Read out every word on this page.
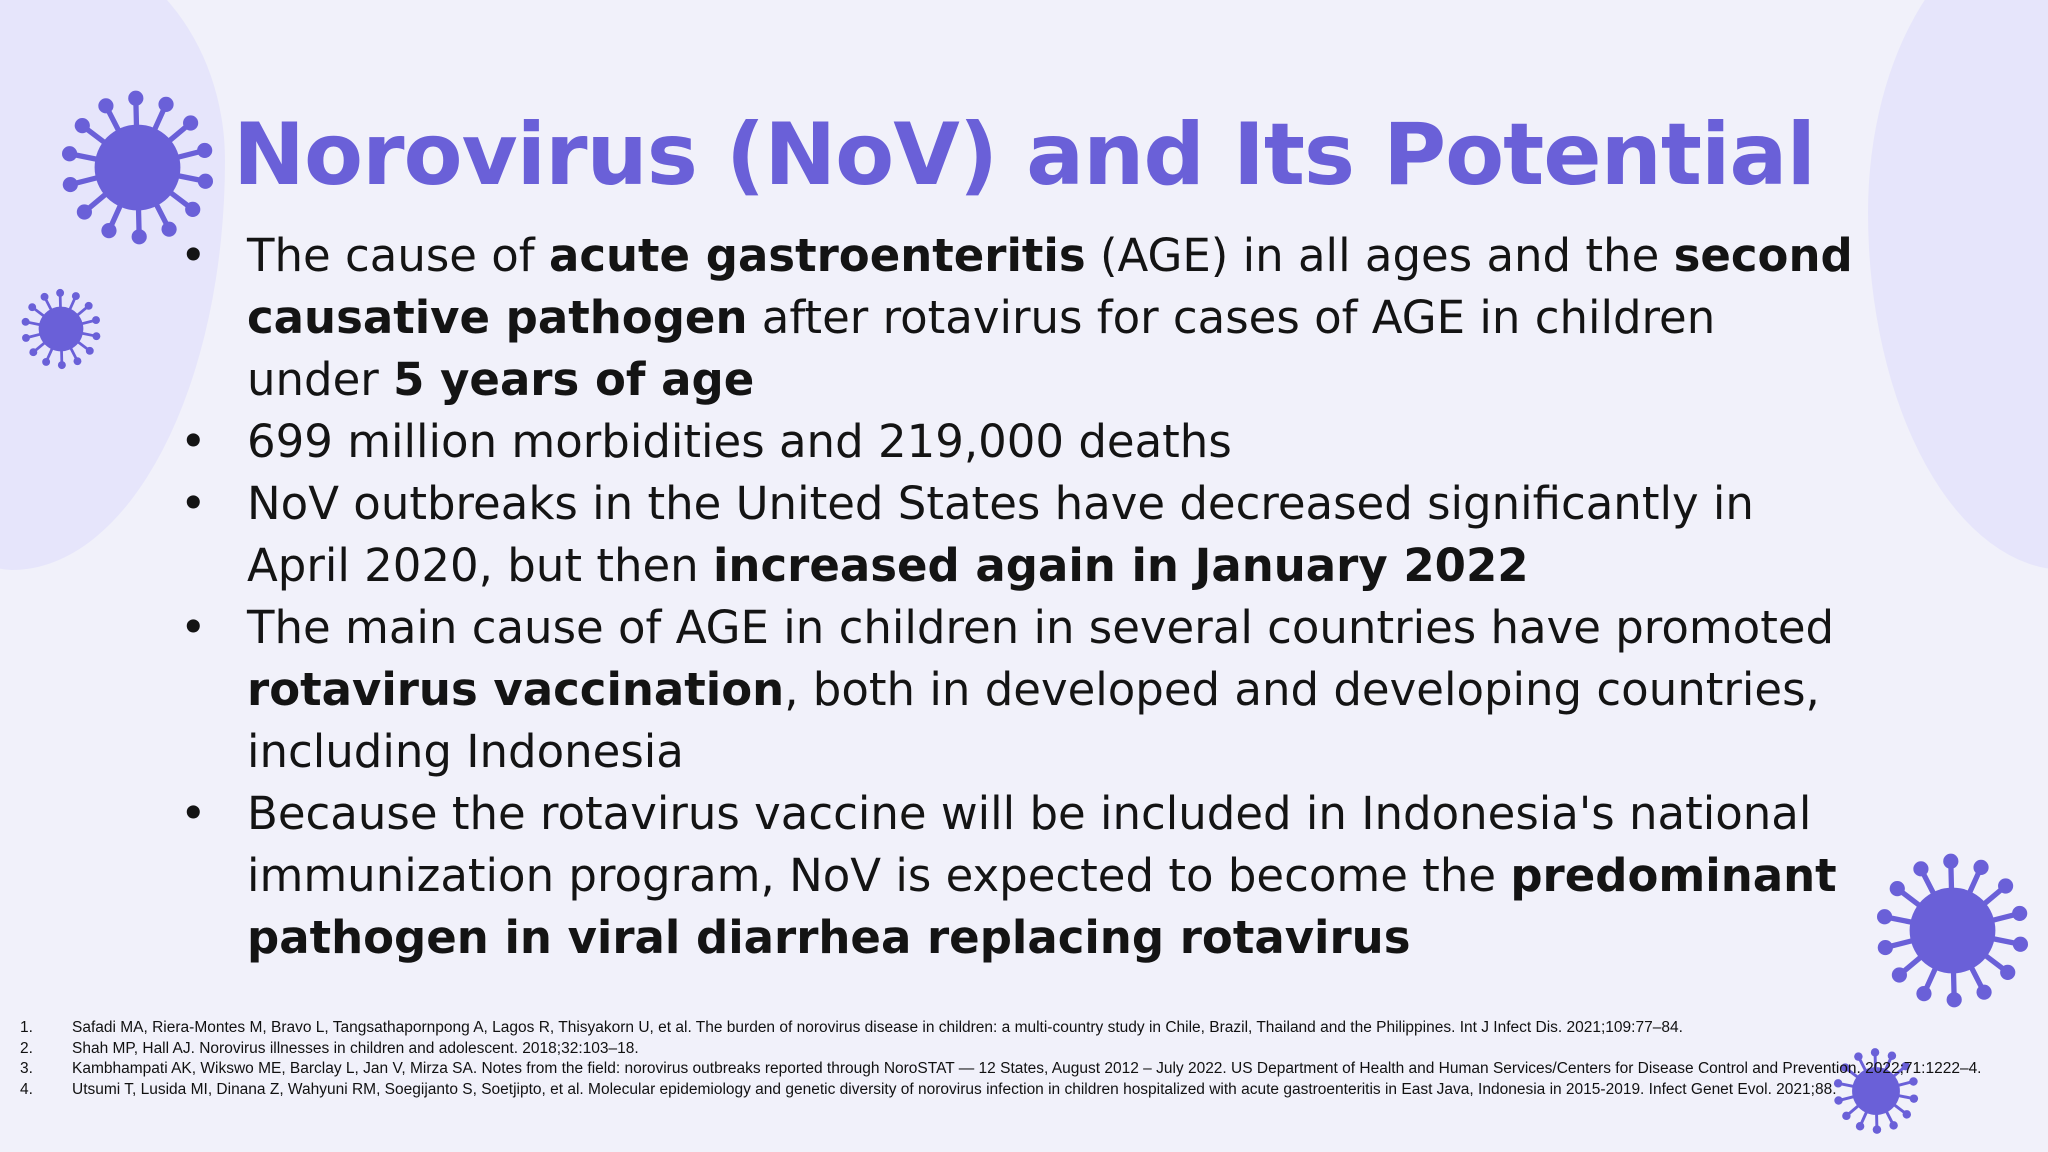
Norovirus (NoV) and Its Potential
• The cause of acute gastroenteritis (AGE) in all ages and the second causative pathogen after rotavirus for cases of AGE in children under 5 years of age
• 699 million morbidities and 219,000 deaths
• NoV outbreaks in the United States have decreased significantly in April 2020, but then increased again in January 2022
• The main cause of AGE in children in several countries have promoted rotavirus vaccination, both in developed and developing countries, including Indonesia
• Because the rotavirus vaccine will be included in Indonesia's national immunization program, NoV is expected to become the predominant pathogen in viral diarrhea replacing rotavirus
1.	Safadi MA, Riera-Montes M, Bravo L, Tangsathapornpong A, Lagos R, Thisyakorn U, et al. The burden of norovirus disease in children: a multi-country study in Chile, Brazil, Thailand and the Philippines. Int J Infect Dis. 2021;109:77–84.
2.	Shah MP, Hall AJ. Norovirus illnesses in children and adolescent. 2018;32:103–18.
3.	Kambhampati AK, Wikswo ME, Barclay L, Jan V, Mirza SA. Notes from the field: norovirus outbreaks reported through NoroSTAT — 12 States, August 2012 – July 2022. US Department of Health and Human Services/Centers for Disease Control and Prevention. 2022;71:1222–4.
4.	Utsumi T, Lusida MI, Dinana Z, Wahyuni RM, Soegijanto S, Soetjipto, et al. Molecular epidemiology and genetic diversity of norovirus infection in children hospitalized with acute gastroenteritis in East Java, Indonesia in 2015-2019. Infect Genet Evol. 2021;88.
